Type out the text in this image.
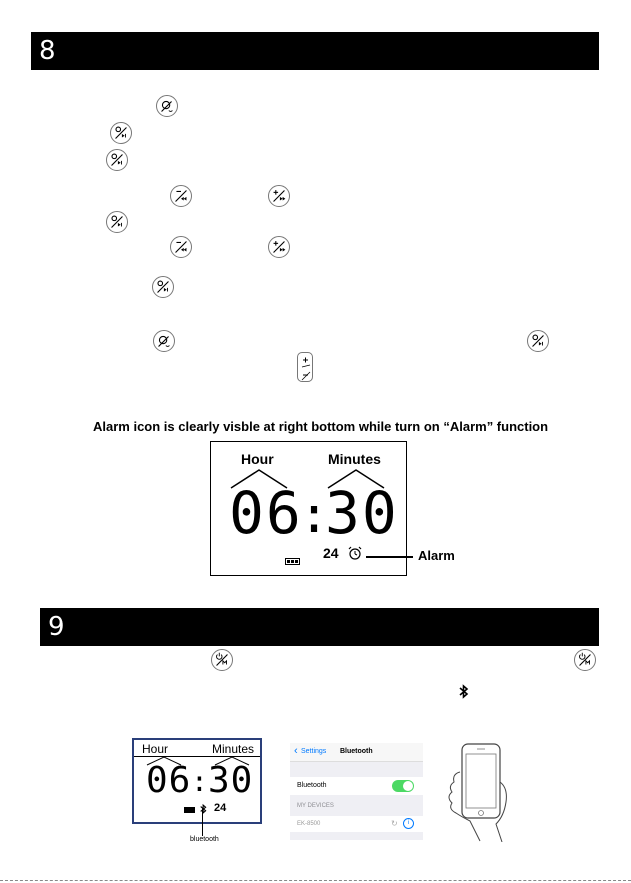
8
Alarm icon is clearly visble at right bottom while turn on “Alarm” function
Hour	Minutes
06
:
30
24	Alarm
9
Hour	Minutes
06 : 30
24
bluetooth
‹ Settings Bluetooth
Bluetooth
MY DEVICES
EK-8500	↻	i
